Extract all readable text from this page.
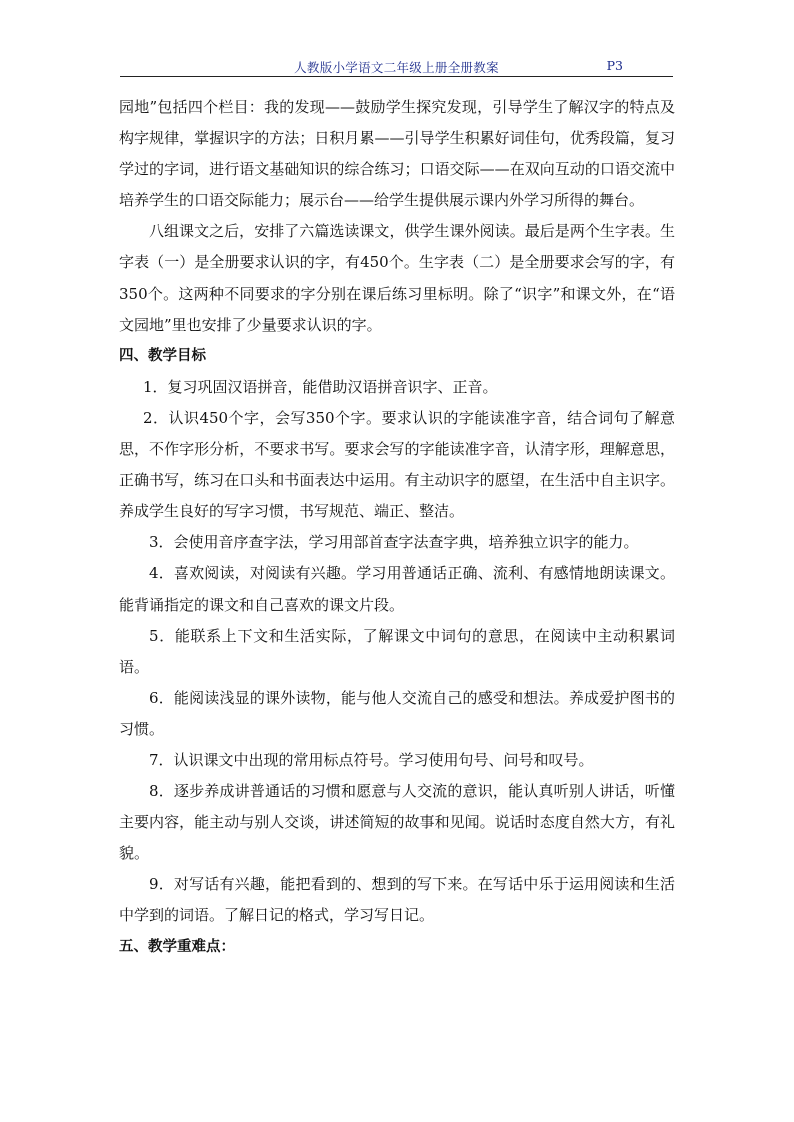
人教版小学语文二年级上册全册教案	P3

园地”包括四个栏目：我的发现——鼓励学生探究发现，引导学生了解汉字的特点及构字规律，掌握识字的方法；日积月累——引导学生积累好词佳句，优秀段篇，复习学过的字词，进行语文基础知识的综合练习；口语交际——在双向互动的口语交流中培养学生的口语交际能力；展示台——给学生提供展示课内外学习所得的舞台。

八组课文之后，安排了六篇选读课文，供学生课外阅读。最后是两个生字表。生字表（一）是全册要求认识的字，有450个。生字表（二）是全册要求会写的字，有350个。这两种不同要求的字分别在课后练习里标明。除了“识字”和课文外，在“语文园地”里也安排了少量要求认识的字。

四、教学目标

1．复习巩固汉语拼音，能借助汉语拼音识字、正音。

2．认识450个字，会写350个字。要求认识的字能读准字音，结合词句了解意思，不作字形分析，不要求书写。要求会写的字能读准字音，认清字形，理解意思，正确书写，练习在口头和书面表达中运用。有主动识字的愿望，在生活中自主识字。养成学生良好的写字习惯，书写规范、端正、整洁。

3．会使用音序查字法，学习用部首查字法查字典，培养独立识字的能力。

4．喜欢阅读，对阅读有兴趣。学习用普通话正确、流利、有感情地朗读课文。能背诵指定的课文和自己喜欢的课文片段。

5．能联系上下文和生活实际，了解课文中词句的意思，在阅读中主动积累词语。

6．能阅读浅显的课外读物，能与他人交流自己的感受和想法。养成爱护图书的习惯。

7．认识课文中出现的常用标点符号。学习使用句号、问号和叹号。

8．逐步养成讲普通话的习惯和愿意与人交流的意识，能认真听别人讲话，听懂主要内容，能主动与别人交谈，讲述简短的故事和见闻。说话时态度自然大方，有礼貌。

9．对写话有兴趣，能把看到的、想到的写下来。在写话中乐于运用阅读和生活中学到的词语。了解日记的格式，学习写日记。

五、教学重难点：
